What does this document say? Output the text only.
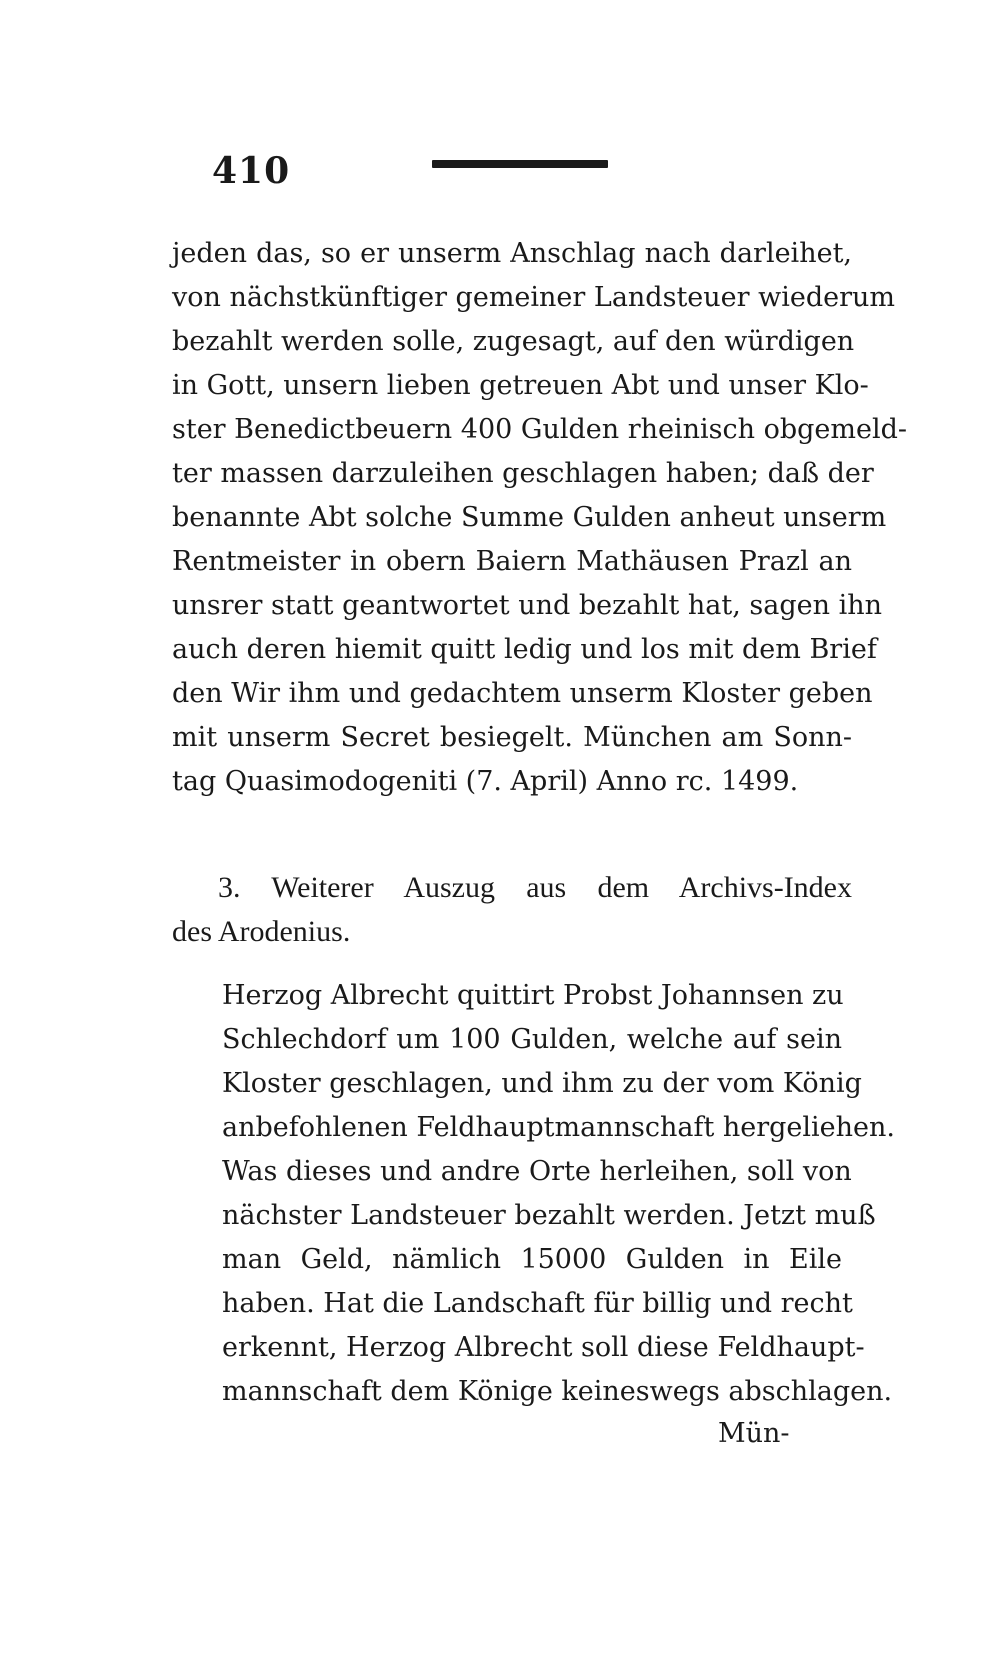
410
jeden das, so er unserm Anschlag nach darleihet,
von nächstkünftiger gemeiner Landsteuer wiederum
bezahlt werden solle, zugesagt, auf den würdigen
in Gott, unsern lieben getreuen Abt und unser Klo-
ster Benedictbeuern 400 Gulden rheinisch obgemeld-
ter massen darzuleihen geschlagen haben; daß der
benannte Abt solche Summe Gulden anheut unserm
Rentmeister in obern Baiern Mathäusen Prazl an
unsrer statt geantwortet und bezahlt hat, sagen ihn
auch deren hiemit quitt ledig und los mit dem Brief
den Wir ihm und gedachtem unserm Kloster geben
mit unserm Secret besiegelt. München am Sonn-
tag Quasimodogeniti (7. April) Anno rc. 1499.
3. Weiterer Auszug aus dem Archivs-Index
des Arodenius.
Herzog Albrecht quittirt Probst Johannsen zu
Schlechdorf um 100 Gulden, welche auf sein
Kloster geschlagen, und ihm zu der vom König
anbefohlenen Feldhauptmannschaft hergeliehen.
Was dieses und andre Orte herleihen, soll von
nächster Landsteuer bezahlt werden. Jetzt muß
man Geld, nämlich 15000 Gulden in Eile
haben. Hat die Landschaft für billig und recht
erkennt, Herzog Albrecht soll diese Feldhaupt-
mannschaft dem Könige keineswegs abschlagen.
Mün-
